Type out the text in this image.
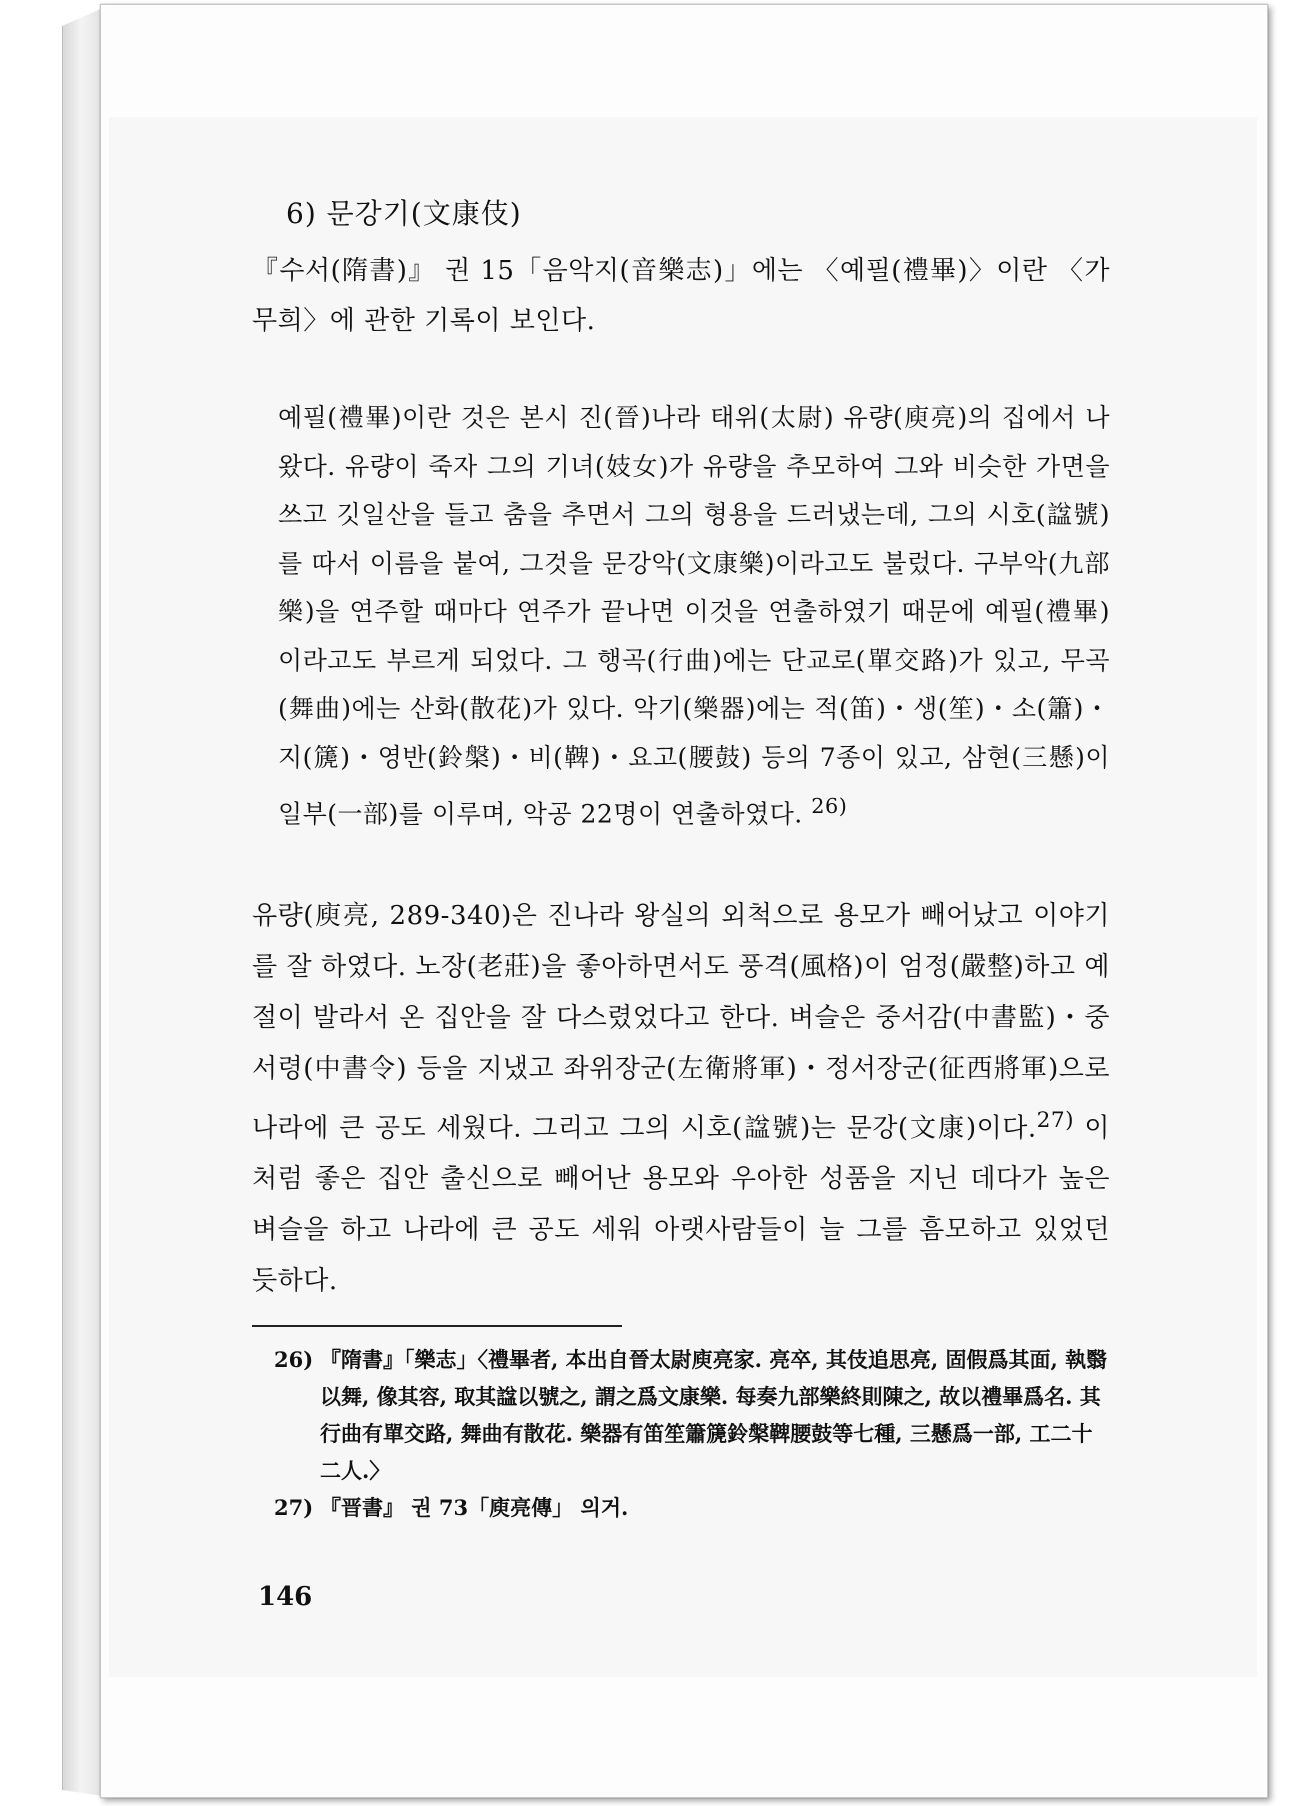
6) 문강기(文康伎)

『수서(隋書)』 권 15「음악지(音樂志)」에는 〈예필(禮畢)〉이란 〈가무희〉에 관한 기록이 보인다.

예필(禮畢)이란 것은 본시 진(晉)나라 태위(太尉) 유량(庾亮)의 집에서 나왔다. 유량이 죽자 그의 기녀(妓女)가 유량을 추모하여 그와 비슷한 가면을 쓰고 깃일산을 들고 춤을 추면서 그의 형용을 드러냈는데, 그의 시호(諡號)를 따서 이름을 붙여, 그것을 문강악(文康樂)이라고도 불렀다. 구부악(九部樂)을 연주할 때마다 연주가 끝나면 이것을 연출하였기 때문에 예필(禮畢)이라고도 부르게 되었다. 그 행곡(行曲)에는 단교로(單交路)가 있고, 무곡(舞曲)에는 산화(散花)가 있다. 악기(樂器)에는 적(笛)・생(笙)・소(簫)・지(篪)・영반(鈴槃)・비(鞞)・요고(腰鼓) 등의 7종이 있고, 삼현(三懸)이 일부(一部)를 이루며, 악공 22명이 연출하였다. $^{26)}$

유량(庾亮, 289-340)은 진나라 왕실의 외척으로 용모가 빼어났고 이야기를 잘 하였다. 노장(老莊)을 좋아하면서도 풍격(風格)이 엄정(嚴整)하고 예절이 발라서 온 집안을 잘 다스렸었다고 한다. 벼슬은 중서감(中書監)・중서령(中書令) 등을 지냈고 좌위장군(左衛將軍)・정서장군(征西將軍)으로 나라에 큰 공도 세웠다. 그리고 그의 시호(諡號)는 문강(文康)이다.$^{27)}$ 이처럼 좋은 집안 출신으로 빼어난 용모와 우아한 성품을 지닌 데다가 높은 벼슬을 하고 나라에 큰 공도 세워 아랫사람들이 늘 그를 흠모하고 있었던 듯하다.

26) 『隋書』「樂志」〈禮畢者, 本出自晉太尉庾亮家. 亮卒, 其伎追思亮, 固假爲其面, 執翳以舞, 像其容, 取其諡以號之, 謂之爲文康樂. 每奏九部樂終則陳之, 故以禮畢爲名. 其行曲有單交路, 舞曲有散花. 樂器有笛笙簫篪鈴槃鞞腰鼓等七種, 三懸爲一部, 工二十二人.〉
27) 『晋書』 권 73「庾亮傳」 의거.
146
